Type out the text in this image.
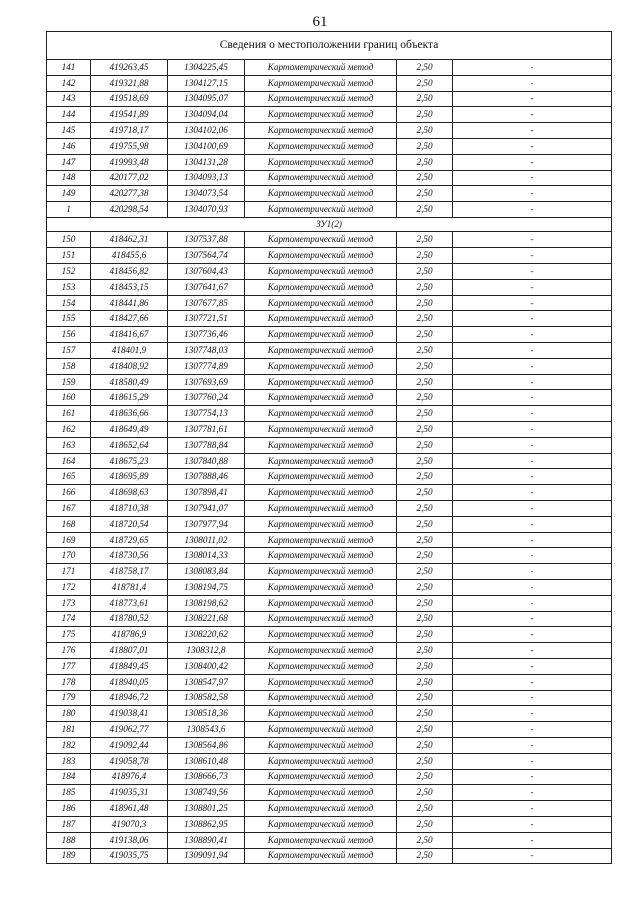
61
Сведения о местоположении границ объекта					
141	419263,45	1304225,45	Картометрический метод	2,50	-
142	419321,88	1304127,15	Картометрический метод	2,50	-
143	419518,69	1304095,07	Картометрический метод	2,50	-
144	419541,89	1304094,04	Картометрический метод	2,50	-
145	419718,17	1304102,06	Картометрический метод	2,50	-
146	419755,98	1304100,69	Картометрический метод	2,50	-
147	419993,48	1304131,28	Картометрический метод	2,50	-
148	420177,02	1304093,13	Картометрический метод	2,50	-
149	420277,38	1304073,54	Картометрический метод	2,50	-
1	420298,54	1304070,93	Картометрический метод	2,50	-
ЗУ1(2)					
150	418462,31	1307537,88	Картометрический метод	2,50	-
151	418455,6	1307564,74	Картометрический метод	2,50	-
152	418456,82	1307604,43	Картометрический метод	2,50	-
153	418453,15	1307641,67	Картометрический метод	2,50	-
154	418441,86	1307677,85	Картометрический метод	2,50	-
155	418427,66	1307721,51	Картометрический метод	2,50	-
156	418416,67	1307736,46	Картометрический метод	2,50	-
157	418401,9	1307748,03	Картометрический метод	2,50	-
158	418408,92	1307774,89	Картометрический метод	2,50	-
159	418580,49	1307693,69	Картометрический метод	2,50	-
160	418615,29	1307760,24	Картометрический метод	2,50	-
161	418636,66	1307754,13	Картометрический метод	2,50	-
162	418649,49	1307781,61	Картометрический метод	2,50	-
163	418652,64	1307788,84	Картометрический метод	2,50	-
164	418675,23	1307840,88	Картометрический метод	2,50	-
165	418695,89	1307888,46	Картометрический метод	2,50	-
166	418698,63	1307898,41	Картометрический метод	2,50	-
167	418710,38	1307941,07	Картометрический метод	2,50	-
168	418720,54	1307977,94	Картометрический метод	2,50	-
169	418729,65	1308011,02	Картометрический метод	2,50	-
170	418730,56	1308014,33	Картометрический метод	2,50	-
171	418758,17	1308083,84	Картометрический метод	2,50	-
172	418781,4	1308194,75	Картометрический метод	2,50	-
173	418773,61	1308198,62	Картометрический метод	2,50	-
174	418780,52	1308221,68	Картометрический метод	2,50	-
175	418786,9	1308220,62	Картометрический метод	2,50	-
176	418807,01	1308312,8	Картометрический метод	2,50	-
177	418849,45	1308400,42	Картометрический метод	2,50	-
178	418940,05	1308547,97	Картометрический метод	2,50	-
179	418946,72	1308582,58	Картометрический метод	2,50	-
180	419038,41	1308518,36	Картометрический метод	2,50	-
181	419062,77	1308543,6	Картометрический метод	2,50	-
182	419092,44	1308564,86	Картометрический метод	2,50	-
183	419058,78	1308610,48	Картометрический метод	2,50	-
184	418976,4	1308666,73	Картометрический метод	2,50	-
185	419035,31	1308749,56	Картометрический метод	2,50	-
186	418961,48	1308801,25	Картометрический метод	2,50	-
187	419070,3	1308862,95	Картометрический метод	2,50	-
188	419138,06	1308890,41	Картометрический метод	2,50	-
189	419035,75	1309091,94	Картометрический метод	2,50	-
